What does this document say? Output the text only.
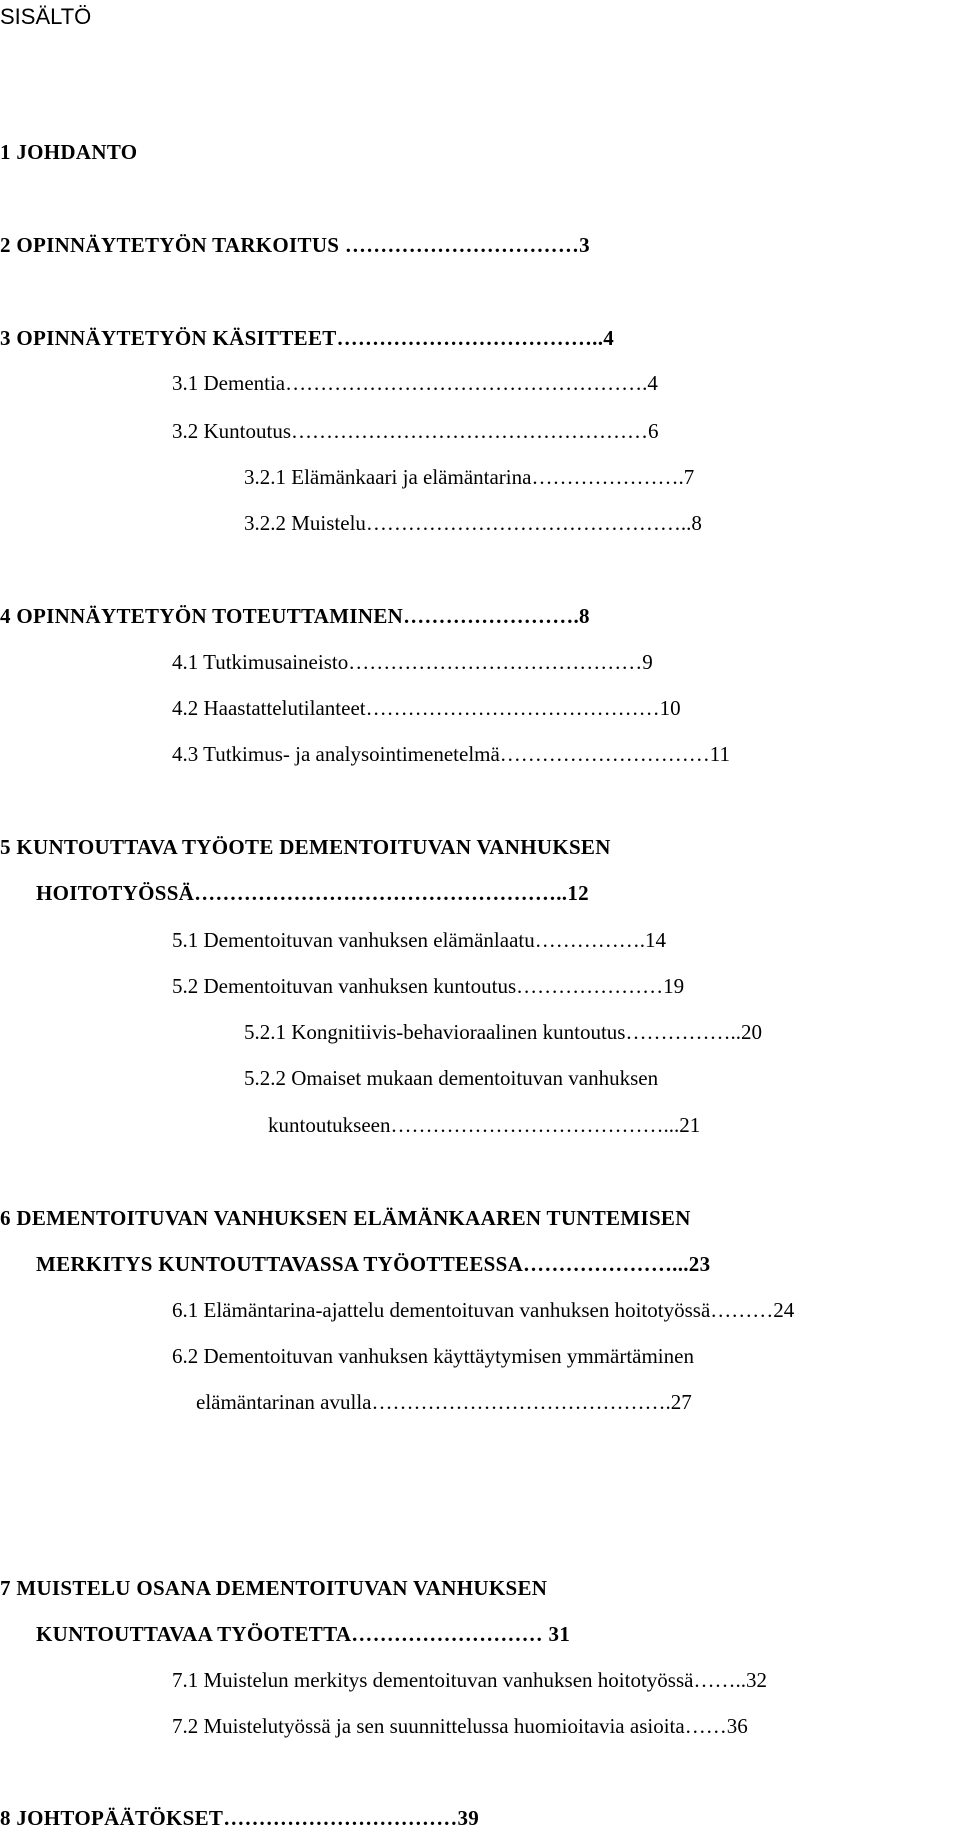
SISÄLTÖ
1 JOHDANTO
2 OPINNÄYTETYÖN TARKOITUS ……………………………3
3 OPINNÄYTETYÖN KÄSITTEET………………………………..4
3.1 Dementia…………………………………………….4
3.2 Kuntoutus……………………………………………6
3.2.1 Elämänkaari ja elämäntarina………………….7
3.2.2 Muistelu………………………………………..8
4 OPINNÄYTETYÖN TOTEUTTAMINEN…………………….8
4.1 Tutkimusaineisto……………………………………9
4.2 Haastattelutilanteet……………………………………10
4.3 Tutkimus- ja analysointimenetelmä…………………………11
5 KUNTOUTTAVA TYÖOTE DEMENTOITUVAN VANHUKSEN
HOITOTYÖSSÄ……………………………………………..12
5.1 Dementoituvan vanhuksen elämänlaatu…………….14
5.2 Dementoituvan vanhuksen kuntoutus…………………19
5.2.1 Kongnitiivis-behavioraalinen kuntoutus……………..20
5.2.2 Omaiset mukaan dementoituvan vanhuksen
kuntoutukseen…………………………………...21
6 DEMENTOITUVAN VANHUKSEN ELÄMÄNKAAREN TUNTEMISEN
MERKITYS KUNTOUTTAVASSA TYÖOTTEESSA…………………...23
6.1 Elämäntarina-ajattelu dementoituvan vanhuksen hoitotyössä………24
6.2 Dementoituvan vanhuksen käyttäytymisen ymmärtäminen
elämäntarinan avulla…………………………………….27
7 MUISTELU OSANA DEMENTOITUVAN VANHUKSEN
KUNTOUTTAVAA TYÖOTETTA……………………… 31
7.1 Muistelun merkitys dementoituvan vanhuksen hoitotyössä……..32
7.2 Muistelutyössä ja sen suunnittelussa huomioitavia asioita……36
8 JOHTOPÄÄTÖKSET……………………………39
